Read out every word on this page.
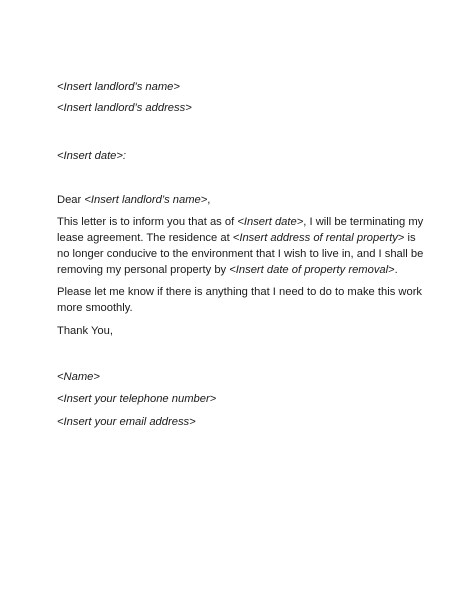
<Insert landlord’s name>
<Insert landlord’s address>
<Insert date>:
Dear <Insert landlord’s name>,
This letter is to inform you that as of <Insert date>, I will be terminating my lease agreement. The residence at <Insert address of rental property> is no longer conducive to the environment that I wish to live in, and I shall be removing my personal property by <Insert date of property removal>.
Please let me know if there is anything that I need to do to make this work more smoothly.
Thank You,
<Name>
<Insert your telephone number>
<Insert your email address>
